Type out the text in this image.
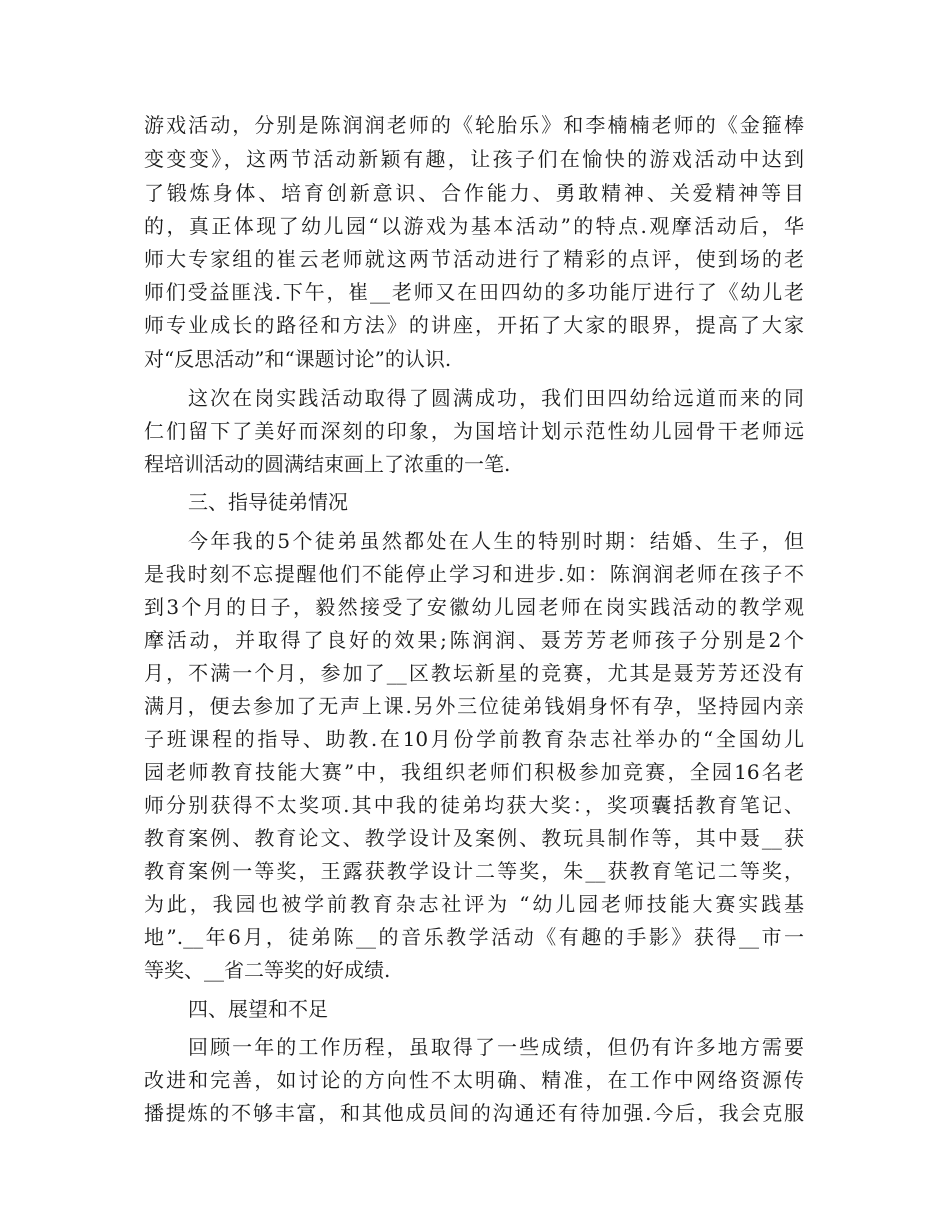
游戏活动，分别是陈润润老师的《轮胎乐》和李楠楠老师的《金箍棒
变变变》，这两节活动新颖有趣，让孩子们在愉快的游戏活动中达到
了锻炼身体、培育创新意识、合作能力、勇敢精神、关爱精神等目
的，真正体现了幼儿园“以游戏为基本活动”的特点.观摩活动后，华
师大专家组的崔云老师就这两节活动进行了精彩的点评，使到场的老
师们受益匪浅.下午，崔__老师又在田四幼的多功能厅进行了《幼儿老
师专业成长的路径和方法》的讲座，开拓了大家的眼界，提高了大家
对“反思活动”和“课题讨论”的认识.
这次在岗实践活动取得了圆满成功，我们田四幼给远道而来的同
仁们留下了美好而深刻的印象，为国培计划示范性幼儿园骨干老师远
程培训活动的圆满结束画上了浓重的一笔.
三、指导徒弟情况
今年我的5个徒弟虽然都处在人生的特别时期：结婚、生子，但
是我时刻不忘提醒他们不能停止学习和进步.如：陈润润老师在孩子不
到3个月的日子，毅然接受了安徽幼儿园老师在岗实践活动的教学观
摩活动，并取得了良好的效果;陈润润、聂芳芳老师孩子分别是2个
月，不满一个月，参加了__区教坛新星的竞赛，尤其是聂芳芳还没有
满月，便去参加了无声上课.另外三位徒弟钱娟身怀有孕，坚持园内亲
子班课程的指导、助教.在10月份学前教育杂志社举办的“全国幼儿
园老师教育技能大赛”中，我组织老师们积极参加竞赛，全园16名老
师分别获得不太奖项.其中我的徒弟均获大奖：，奖项囊括教育笔记、
教育案例、教育论文、教学设计及案例、教玩具制作等，其中聂__获
教育案例一等奖，王露获教学设计二等奖，朱__获教育笔记二等奖，
为此，我园也被学前教育杂志社评为 “幼儿园老师技能大赛实践基
地”.__年6月，徒弟陈__的音乐教学活动《有趣的手影》获得__市一
等奖、__省二等奖的好成绩.
四、展望和不足
回顾一年的工作历程，虽取得了一些成绩，但仍有许多地方需要
改进和完善，如讨论的方向性不太明确、精准，在工作中网络资源传
播提炼的不够丰富，和其他成员间的沟通还有待加强.今后，我会克服
